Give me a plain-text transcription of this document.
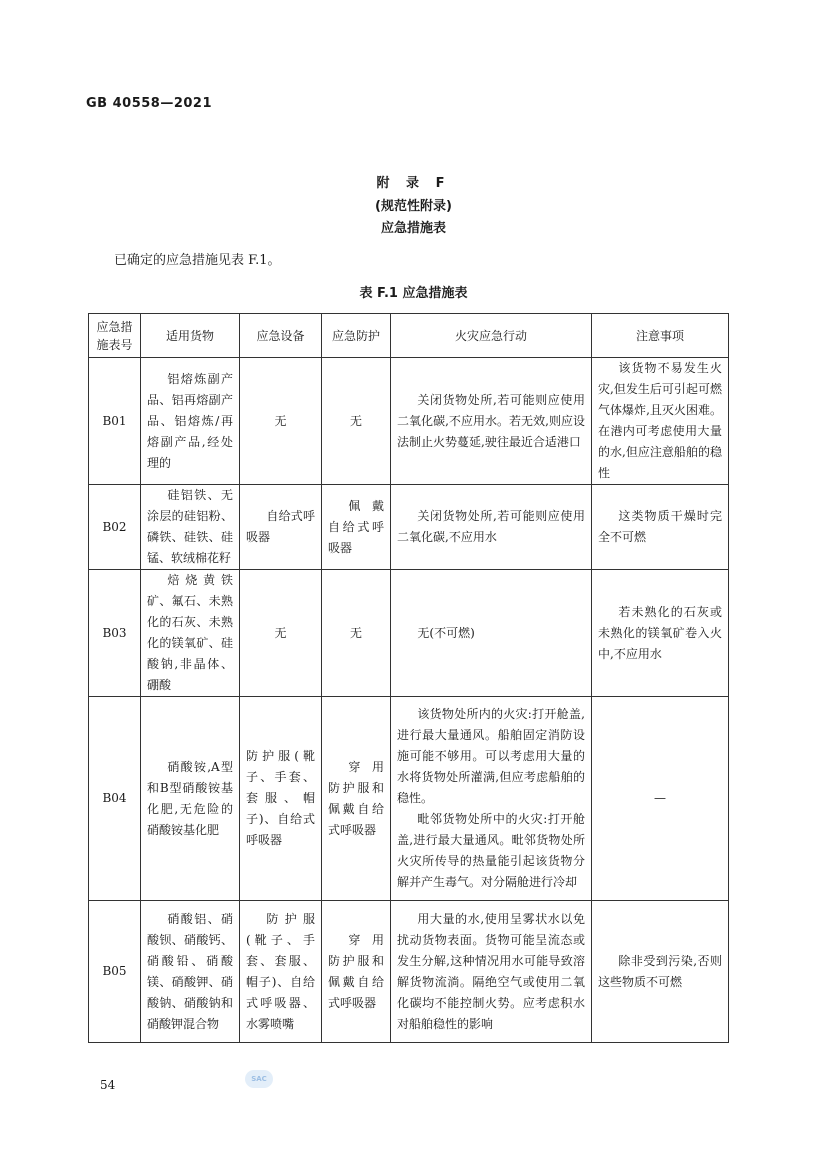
GB 40558—2021
附 录 F
(规范性附录)
应急措施表
已确定的应急措施见表 F.1。
表 F.1 应急措施表
应急措施表号	适用货物	应急设备	应急防护	火灾应急行动	注意事项
B01	铝熔炼副产品、铝再熔副产品、铝熔炼/再熔副产品,经处理的	无	无	关闭货物处所,若可能则应使用二氧化碳,不应用水。若无效,则应设法制止火势蔓延,驶往最近合适港口	该货物不易发生火灾,但发生后可引起可燃气体爆炸,且灭火困难。在港内可考虑使用大量的水,但应注意船舶的稳性
B02	硅铝铁、无涂层的硅铝粉、磷铁、硅铁、硅锰、软绒棉花籽	自给式呼吸器	佩戴自给式呼吸器	关闭货物处所,若可能则应使用二氧化碳,不应用水	这类物质干燥时完全不可燃
B03	焙烧黄铁矿、氟石、未熟化的石灰、未熟化的镁氧矿、硅酸钠,非晶体、硼酸	无	无	无(不可燃)	若未熟化的石灰或未熟化的镁氧矿卷入火中,不应用水
B04	硝酸铵,A型和B型硝酸铵基化肥,无危险的硝酸铵基化肥	防护服(靴子、手套、套服、帽子)、自给式呼吸器	穿用防护服和佩戴自给式呼吸器	该货物处所内的火灾:打开舱盖,进行最大量通风。船舶固定消防设施可能不够用。可以考虑用大量的水将货物处所灌满,但应考虑船舶的稳性。

毗邻货物处所中的火灾:打开舱盖,进行最大量通风。毗邻货物处所火灾所传导的热量能引起该货物分解并产生毒气。对分隔舱进行冷却	—
B05	硝酸铝、硝酸钡、硝酸钙、硝酸铅、硝酸镁、硝酸钾、硝酸钠、硝酸钠和硝酸钾混合物	防护服(靴子、手套、套服、帽子)、自给式呼吸器、水雾喷嘴	穿用防护服和佩戴自给式呼吸器	用大量的水,使用呈雾状水以免扰动货物表面。货物可能呈流态或发生分解,这种情况用水可能导致溶解货物流淌。隔绝空气或使用二氧化碳均不能控制火势。应考虑积水对船舶稳性的影响	除非受到污染,否则这些物质不可燃
54	SAC
